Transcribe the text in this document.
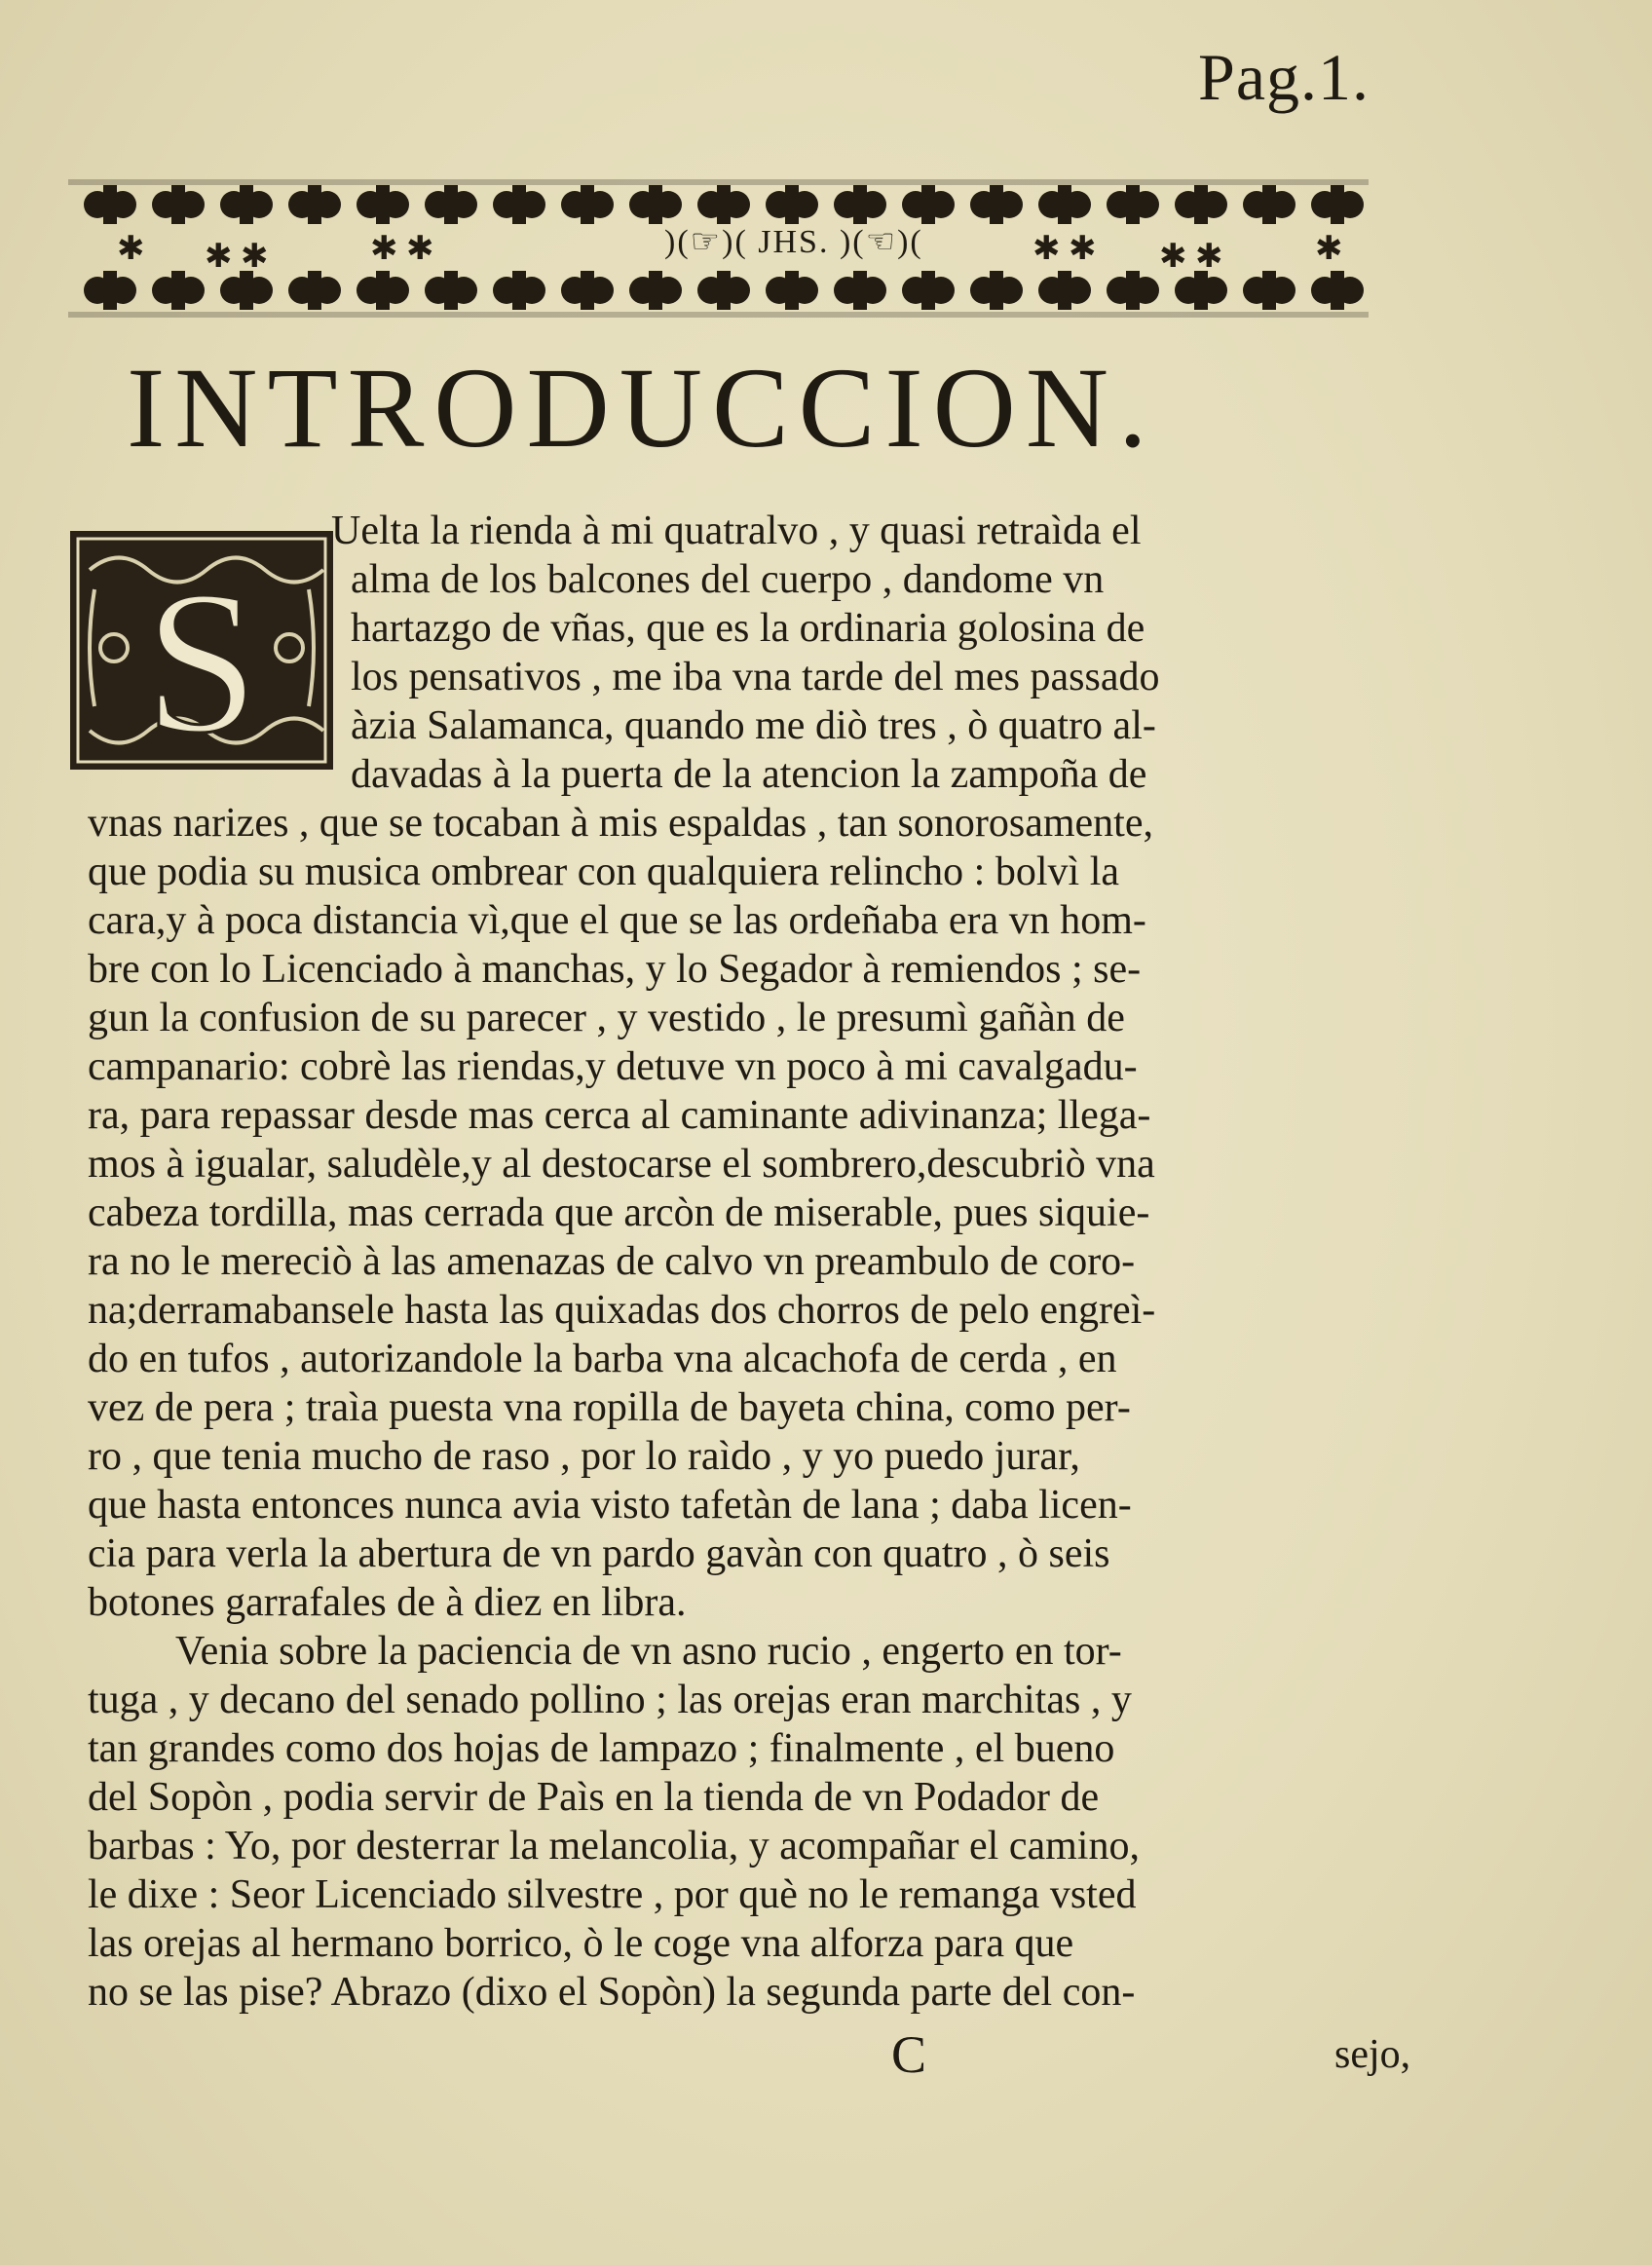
Pag.1.
✱ ✱ ✱	✱ ✱	✱ ✱ ✱ ✱	✱
)(☞)( JHS. )(☜)(
INTRODUCCION.
S
Uelta la rienda à mi quatralvo , y quasi retraìda el
alma de los balcones del cuerpo , dandome vn
hartazgo de vñas, que es la ordinaria golosina de
los pensativos , me iba vna tarde del mes passado
àzia Salamanca, quando me diò tres , ò quatro al-
davadas à la puerta de la atencion la zampoña de
vnas narizes , que se tocaban à mis espaldas , tan sonorosamente,
que podia su musica ombrear con qualquiera relincho : bolvì la
cara,y à poca distancia vì,que el que se las ordeñaba era vn hom-
bre con lo Licenciado à manchas, y lo Segador à remiendos ; se-
gun la confusion de su parecer , y vestido , le presumì gañàn de
campanario: cobrè las riendas,y detuve vn poco à mi cavalgadu-
ra, para repassar desde mas cerca al caminante adivinanza; llega-
mos à igualar, saludèle,y al destocarse el sombrero,descubriò vna
cabeza tordilla, mas cerrada que arcòn de miserable, pues siquie-
ra no le mereciò à las amenazas de calvo vn preambulo de coro-
na;derramabansele hasta las quixadas dos chorros de pelo engreì-
do en tufos , autorizandole la barba vna alcachofa de cerda , en
vez de pera ; traìa puesta vna ropilla de bayeta china, como per-
ro , que tenia mucho de raso , por lo raìdo , y yo puedo jurar,
que hasta entonces nunca avia visto tafetàn de lana ; daba licen-
cia para verla la abertura de vn pardo gavàn con quatro , ò seis
botones garrafales de à diez en libra.
Venia sobre la paciencia de vn asno rucio , engerto en tor-
tuga , y decano del senado pollino ; las orejas eran marchitas , y
tan grandes como dos hojas de lampazo ; finalmente , el bueno
del Sopòn , podia servir de Paìs en la tienda de vn Podador de
barbas : Yo, por desterrar la melancolia, y acompañar el camino,
le dixe : Seor Licenciado silvestre , por què no le remanga vsted
las orejas al hermano borrico, ò le coge vna alforza para que
no se las pise? Abrazo (dixo el Sopòn) la segunda parte del con-
C	sejo,
